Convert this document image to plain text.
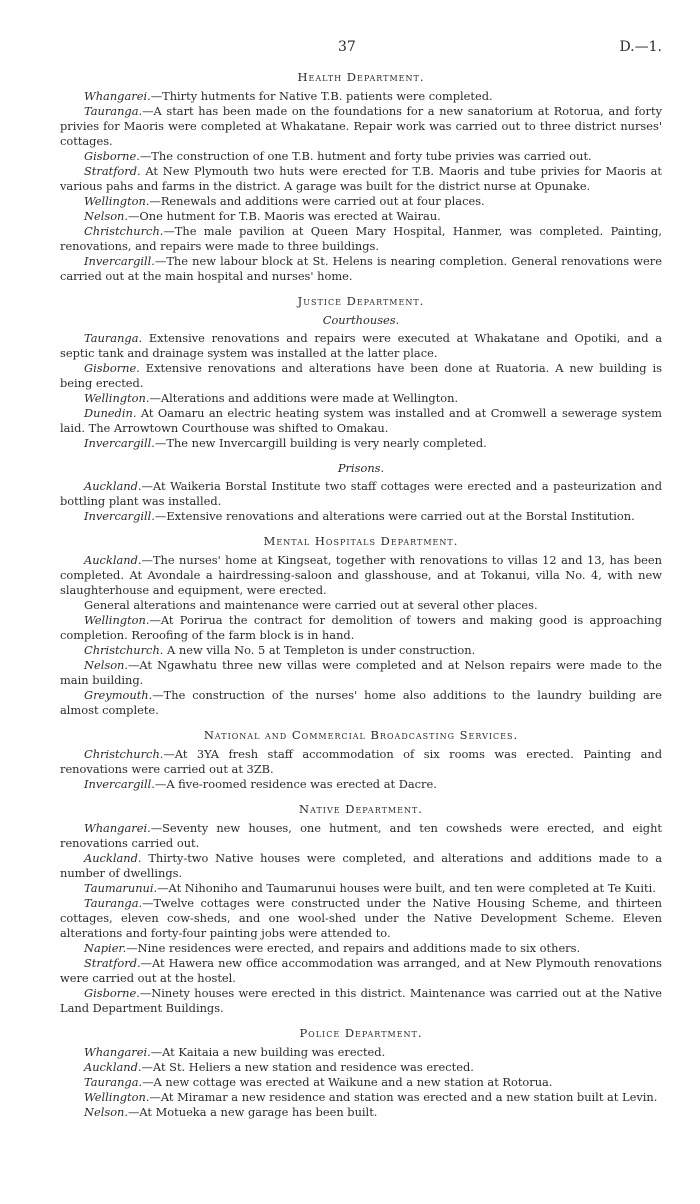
37	D.—1.
Health Department.

Whangarei.—Thirty hutments for Native T.B. patients were completed.

Tauranga.—A start has been made on the foundations for a new sanatorium at Rotorua, and forty privies for Maoris were completed at Whakatane. Repair work was carried out to three district nurses' cottages.

Gisborne.—The construction of one T.B. hutment and forty tube privies was carried out.

Stratford. At New Plymouth two huts were erected for T.B. Maoris and tube privies for Maoris at various pahs and farms in the district. A garage was built for the district nurse at Opunake.

Wellington.—Renewals and additions were carried out at four places.

Nelson.—One hutment for T.B. Maoris was erected at Wairau.

Christchurch.—The male pavilion at Queen Mary Hospital, Hanmer, was completed. Painting, renovations, and repairs were made to three buildings.

Invercargill.—The new labour block at St. Helens is nearing completion. General renovations were carried out at the main hospital and nurses' home.

Justice Department.
Courthouses.

Tauranga. Extensive renovations and repairs were executed at Whakatane and Opotiki, and a septic tank and drainage system was installed at the latter place.

Gisborne. Extensive renovations and alterations have been done at Ruatoria. A new building is being erected.

Wellington.—Alterations and additions were made at Wellington.

Dunedin. At Oamaru an electric heating system was installed and at Cromwell a sewerage system laid. The Arrowtown Courthouse was shifted to Omakau.

Invercargill.—The new Invercargill building is very nearly completed.

Prisons.

Auckland.—At Waikeria Borstal Institute two staff cottages were erected and a pasteurization and bottling plant was installed.

Invercargill.—Extensive renovations and alterations were carried out at the Borstal Institution.

Mental Hospitals Department.

Auckland.—The nurses' home at Kingseat, together with renovations to villas 12 and 13, has been completed. At Avondale a hairdressing-saloon and glasshouse, and at Tokanui, villa No. 4, with new slaughterhouse and equipment, were erected.

General alterations and maintenance were carried out at several other places.

Wellington.—At Porirua the contract for demolition of towers and making good is approaching completion. Reroofing of the farm block is in hand.

Christchurch. A new villa No. 5 at Templeton is under construction.

Nelson.—At Ngawhatu three new villas were completed and at Nelson repairs were made to the main building.

Greymouth.—The construction of the nurses' home also additions to the laundry building are almost complete.

National and Commercial Broadcasting Services.

Christchurch.—At 3YA fresh staff accommodation of six rooms was erected. Painting and renovations were carried out at 3ZB.

Invercargill.—A five-roomed residence was erected at Dacre.

Native Department.

Whangarei.—Seventy new houses, one hutment, and ten cowsheds were erected, and eight renovations carried out.

Auckland. Thirty-two Native houses were completed, and alterations and additions made to a number of dwellings.

Taumarunui.—At Nihoniho and Taumarunui houses were built, and ten were completed at Te Kuiti.

Tauranga.—Twelve cottages were constructed under the Native Housing Scheme, and thirteen cottages, eleven cow-sheds, and one wool-shed under the Native Development Scheme. Eleven alterations and forty-four painting jobs were attended to.

Napier.—Nine residences were erected, and repairs and additions made to six others.

Stratford.—At Hawera new office accommodation was arranged, and at New Plymouth renovations were carried out at the hostel.

Gisborne.—Ninety houses were erected in this district. Maintenance was carried out at the Native Land Department Buildings.

Police Department.

Whangarei.—At Kaitaia a new building was erected.

Auckland.—At St. Heliers a new station and residence was erected.

Tauranga.—A new cottage was erected at Waikune and a new station at Rotorua.

Wellington.—At Miramar a new residence and station was erected and a new station built at Levin.

Nelson.—At Motueka a new garage has been built.
